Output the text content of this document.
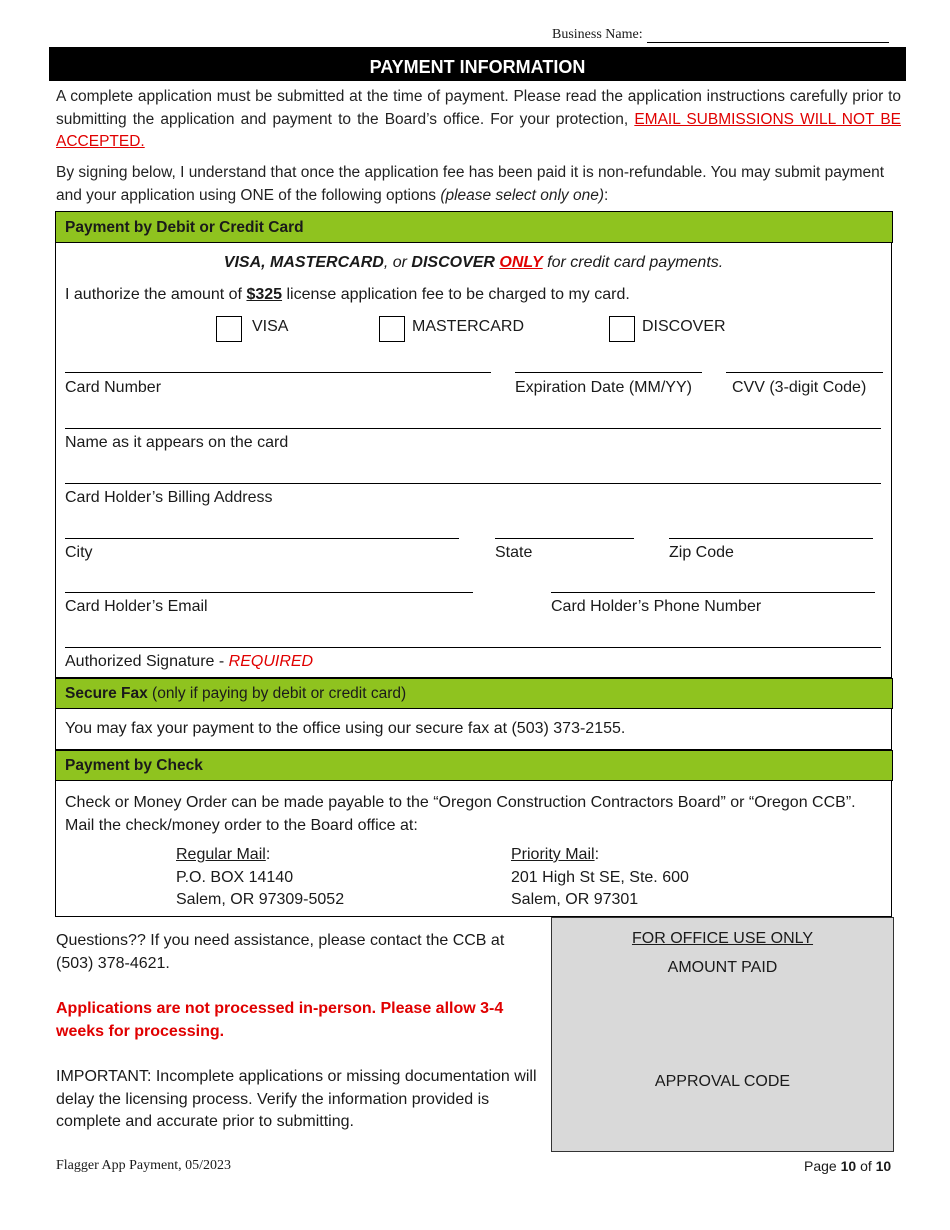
Business Name:
PAYMENT INFORMATION
A complete application must be submitted at the time of payment. Please read the application instructions carefully prior to submitting the application and payment to the Board’s office. For your protection, EMAIL SUBMISSIONS WILL NOT BE ACCEPTED.
By signing below, I understand that once the application fee has been paid it is non-refundable. You may submit payment and your application using ONE of the following options (please select only one):
Payment by Debit or Credit Card
VISA, MASTERCARD, or DISCOVER ONLY for credit card payments.
I authorize the amount of $325 license application fee to be charged to my card.
VISA	MASTERCARD	DISCOVER
Card Number	Expiration Date (MM/YY)	CVV (3-digit Code)
Name as it appears on the card
Card Holder’s Billing Address
City	State	Zip Code
Card Holder’s Email	Card Holder’s Phone Number
Authorized Signature - REQUIRED
Secure Fax (only if paying by debit or credit card)
You may fax your payment to the office using our secure fax at (503) 373-2155.
Payment by Check
Check or Money Order can be made payable to the “Oregon Construction Contractors Board” or “Oregon CCB”. Mail the check/money order to the Board office at:
Regular Mail:
P.O. BOX 14140
Salem, OR 97309-5052
Priority Mail:
201 High St SE, Ste. 600
Salem, OR 97301
Questions?? If you need assistance, please contact the CCB at (503) 378-4621.
Applications are not processed in-person. Please allow 3-4 weeks for processing.
IMPORTANT: Incomplete applications or missing documentation will delay the licensing process. Verify the information provided is complete and accurate prior to submitting.
FOR OFFICE USE ONLY
AMOUNT PAID
APPROVAL CODE
Flagger App Payment, 05/2023	Page 10 of 10
